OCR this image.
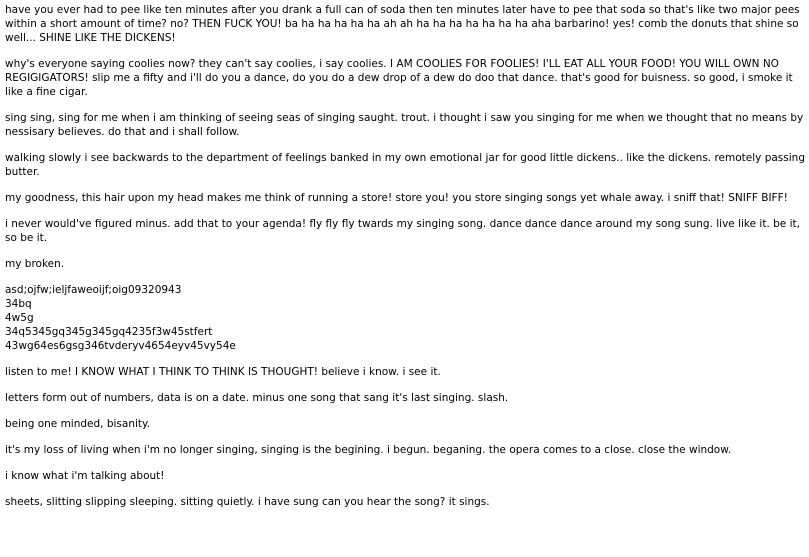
have you ever had to pee like ten minutes after you drank a full can of soda then ten minutes later have to pee that soda so that's like two major pees within a short amount of time? no? THEN FUCK YOU! ba ha ha ha ha ha ah ah ha ha ha ha ha ha ha aha barbarino! yes! comb the donuts that shine so well... SHINE LIKE THE DICKENS!

why's everyone saying coolies now? they can't say coolies, i say coolies. I AM COOLIES FOR FOOLIES! I'LL EAT ALL YOUR FOOD! YOU WILL OWN NO REGIGIGATORS! slip me a fifty and i'll do you a dance, do you do a dew drop of a dew do doo that dance. that's good for buisness. so good, i smoke it like a fine cigar.

sing sing, sing for me when i am thinking of seeing seas of singing saught. trout. i thought i saw you singing for me when we thought that no means by nessisary believes. do that and i shall follow.

walking slowly i see backwards to the department of feelings banked in my own emotional jar for good little dickens.. like the dickens. remotely passing butter.

my goodness, this hair upon my head makes me think of running a store! store you! you store singing songs yet whale away. i sniff that! SNIFF BIFF!

i never would've figured minus. add that to your agenda! fly fly fly twards my singing song. dance dance dance around my song sung. live like it. be it, so be it.

my broken.

asd;ojfw;ieljfaweoijf;oig09320943
34bq
4w5g
34q5345gq345g345gq4235f3w45stfert
43wg64es6gsg346tvderyv4654eyv45vy54e

listen to me! I KNOW WHAT I THINK TO THINK IS THOUGHT! believe i know. i see it.

letters form out of numbers, data is on a date. minus one song that sang it's last singing. slash.

being one minded, bisanity.

it's my loss of living when i'm no longer singing, singing is the begining. i begun. beganing. the opera comes to a close. close the window.

i know what i'm talking about!

sheets, slitting slipping sleeping. sitting quietly. i have sung can you hear the song? it sings.
